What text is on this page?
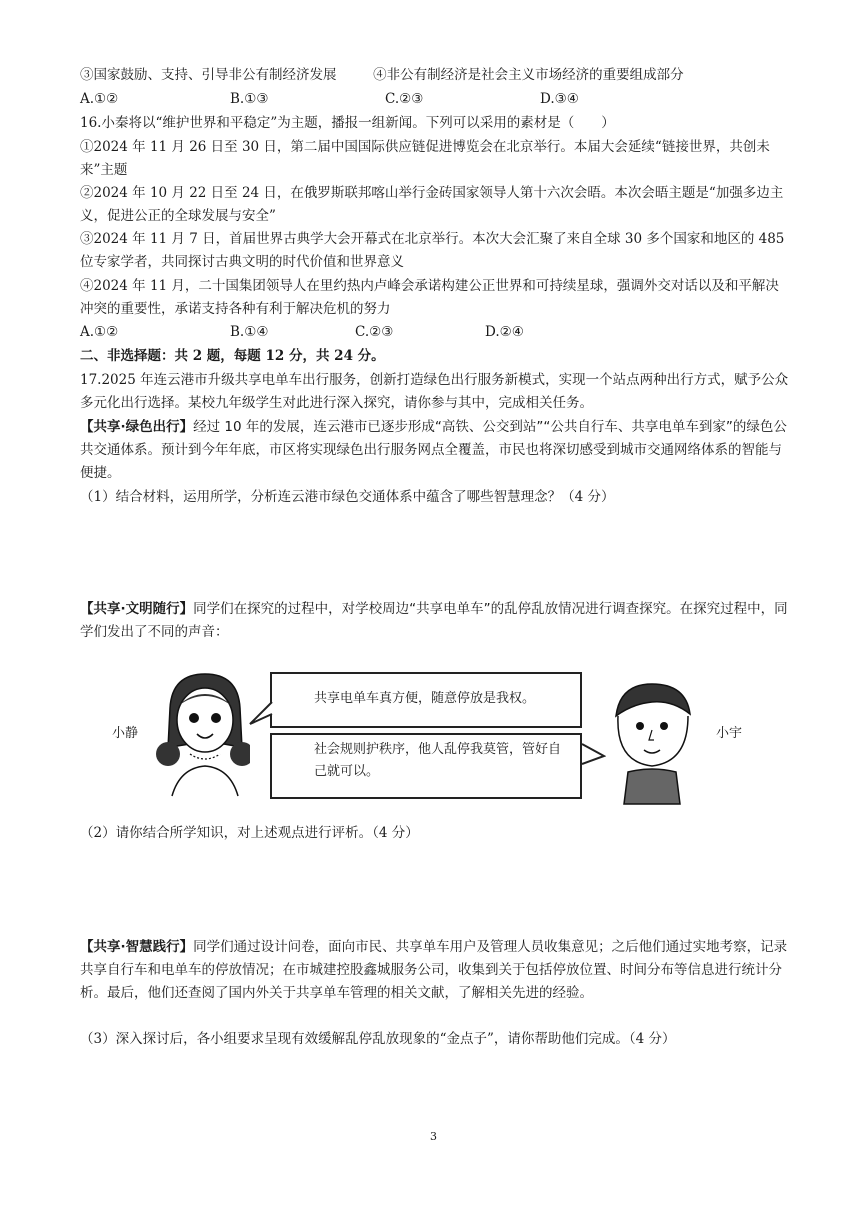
③国家鼓励、支持、引导非公有制经济发展	④非公有制经济是社会主义市场经济的重要组成部分
A.①②	B.①③	C.②③	D.③④
16.小秦将以“维护世界和平稳定”为主题，播报一组新闻。下列可以采用的素材是（　　）
①2024 年 11 月 26 日至 30 日，第二届中国国际供应链促进博览会在北京举行。本届大会延续“链接世界，共创未来”主题
②2024 年 10 月 22 日至 24 日，在俄罗斯联邦喀山举行金砖国家领导人第十六次会晤。本次会晤主题是“加强多边主义，促进公正的全球发展与安全”
③2024 年 11 月 7 日，首届世界古典学大会开幕式在北京举行。本次大会汇聚了来自全球 30 多个国家和地区的 485 位专家学者，共同探讨古典文明的时代价值和世界意义
④2024 年 11 月，二十国集团领导人在里约热内卢峰会承诺构建公正世界和可持续星球，强调外交对话以及和平解决冲突的重要性，承诺支持各种有利于解决危机的努力
A.①②	B.①④	C.②③	D.②④
二、非选择题：共 2 题，每题 12 分，共 24 分。
17.2025 年连云港市升级共享电单车出行服务，创新打造绿色出行服务新模式，实现一个站点两种出行方式，赋予公众多元化出行选择。某校九年级学生对此进行深入探究，请你参与其中，完成相关任务。
【共享·绿色出行】经过 10 年的发展，连云港市已逐步形成“高铁、公交到站”“公共自行车、共享电单车到家”的绿色公共交通体系。预计到今年年底，市区将实现绿色出行服务网点全覆盖，市民也将深切感受到城市交通网络体系的智能与便捷。
（1）结合材料，运用所学，分析连云港市绿色交通体系中蕴含了哪些智慧理念？（4 分）
【共享·文明随行】同学们在探究的过程中，对学校周边“共享电单车”的乱停乱放情况进行调查探究。在探究过程中，同学们发出了不同的声音：
小静
共享电单车真方便，随意停放是我权。
社会规则护秩序，他人乱停我莫管，管好自己就可以。
小宇
（2）请你结合所学知识，对上述观点进行评析。（4 分）
【共享·智慧践行】同学们通过设计问卷，面向市民、共享单车用户及管理人员收集意见；之后他们通过实地考察，记录共享自行车和电单车的停放情况；在市城建控股鑫城服务公司，收集到关于包括停放位置、时间分布等信息进行统计分析。最后，他们还查阅了国内外关于共享单车管理的相关文献，了解相关先进的经验。
（3）深入探讨后，各小组要求呈现有效缓解乱停乱放现象的“金点子”，请你帮助他们完成。（4 分）
3
